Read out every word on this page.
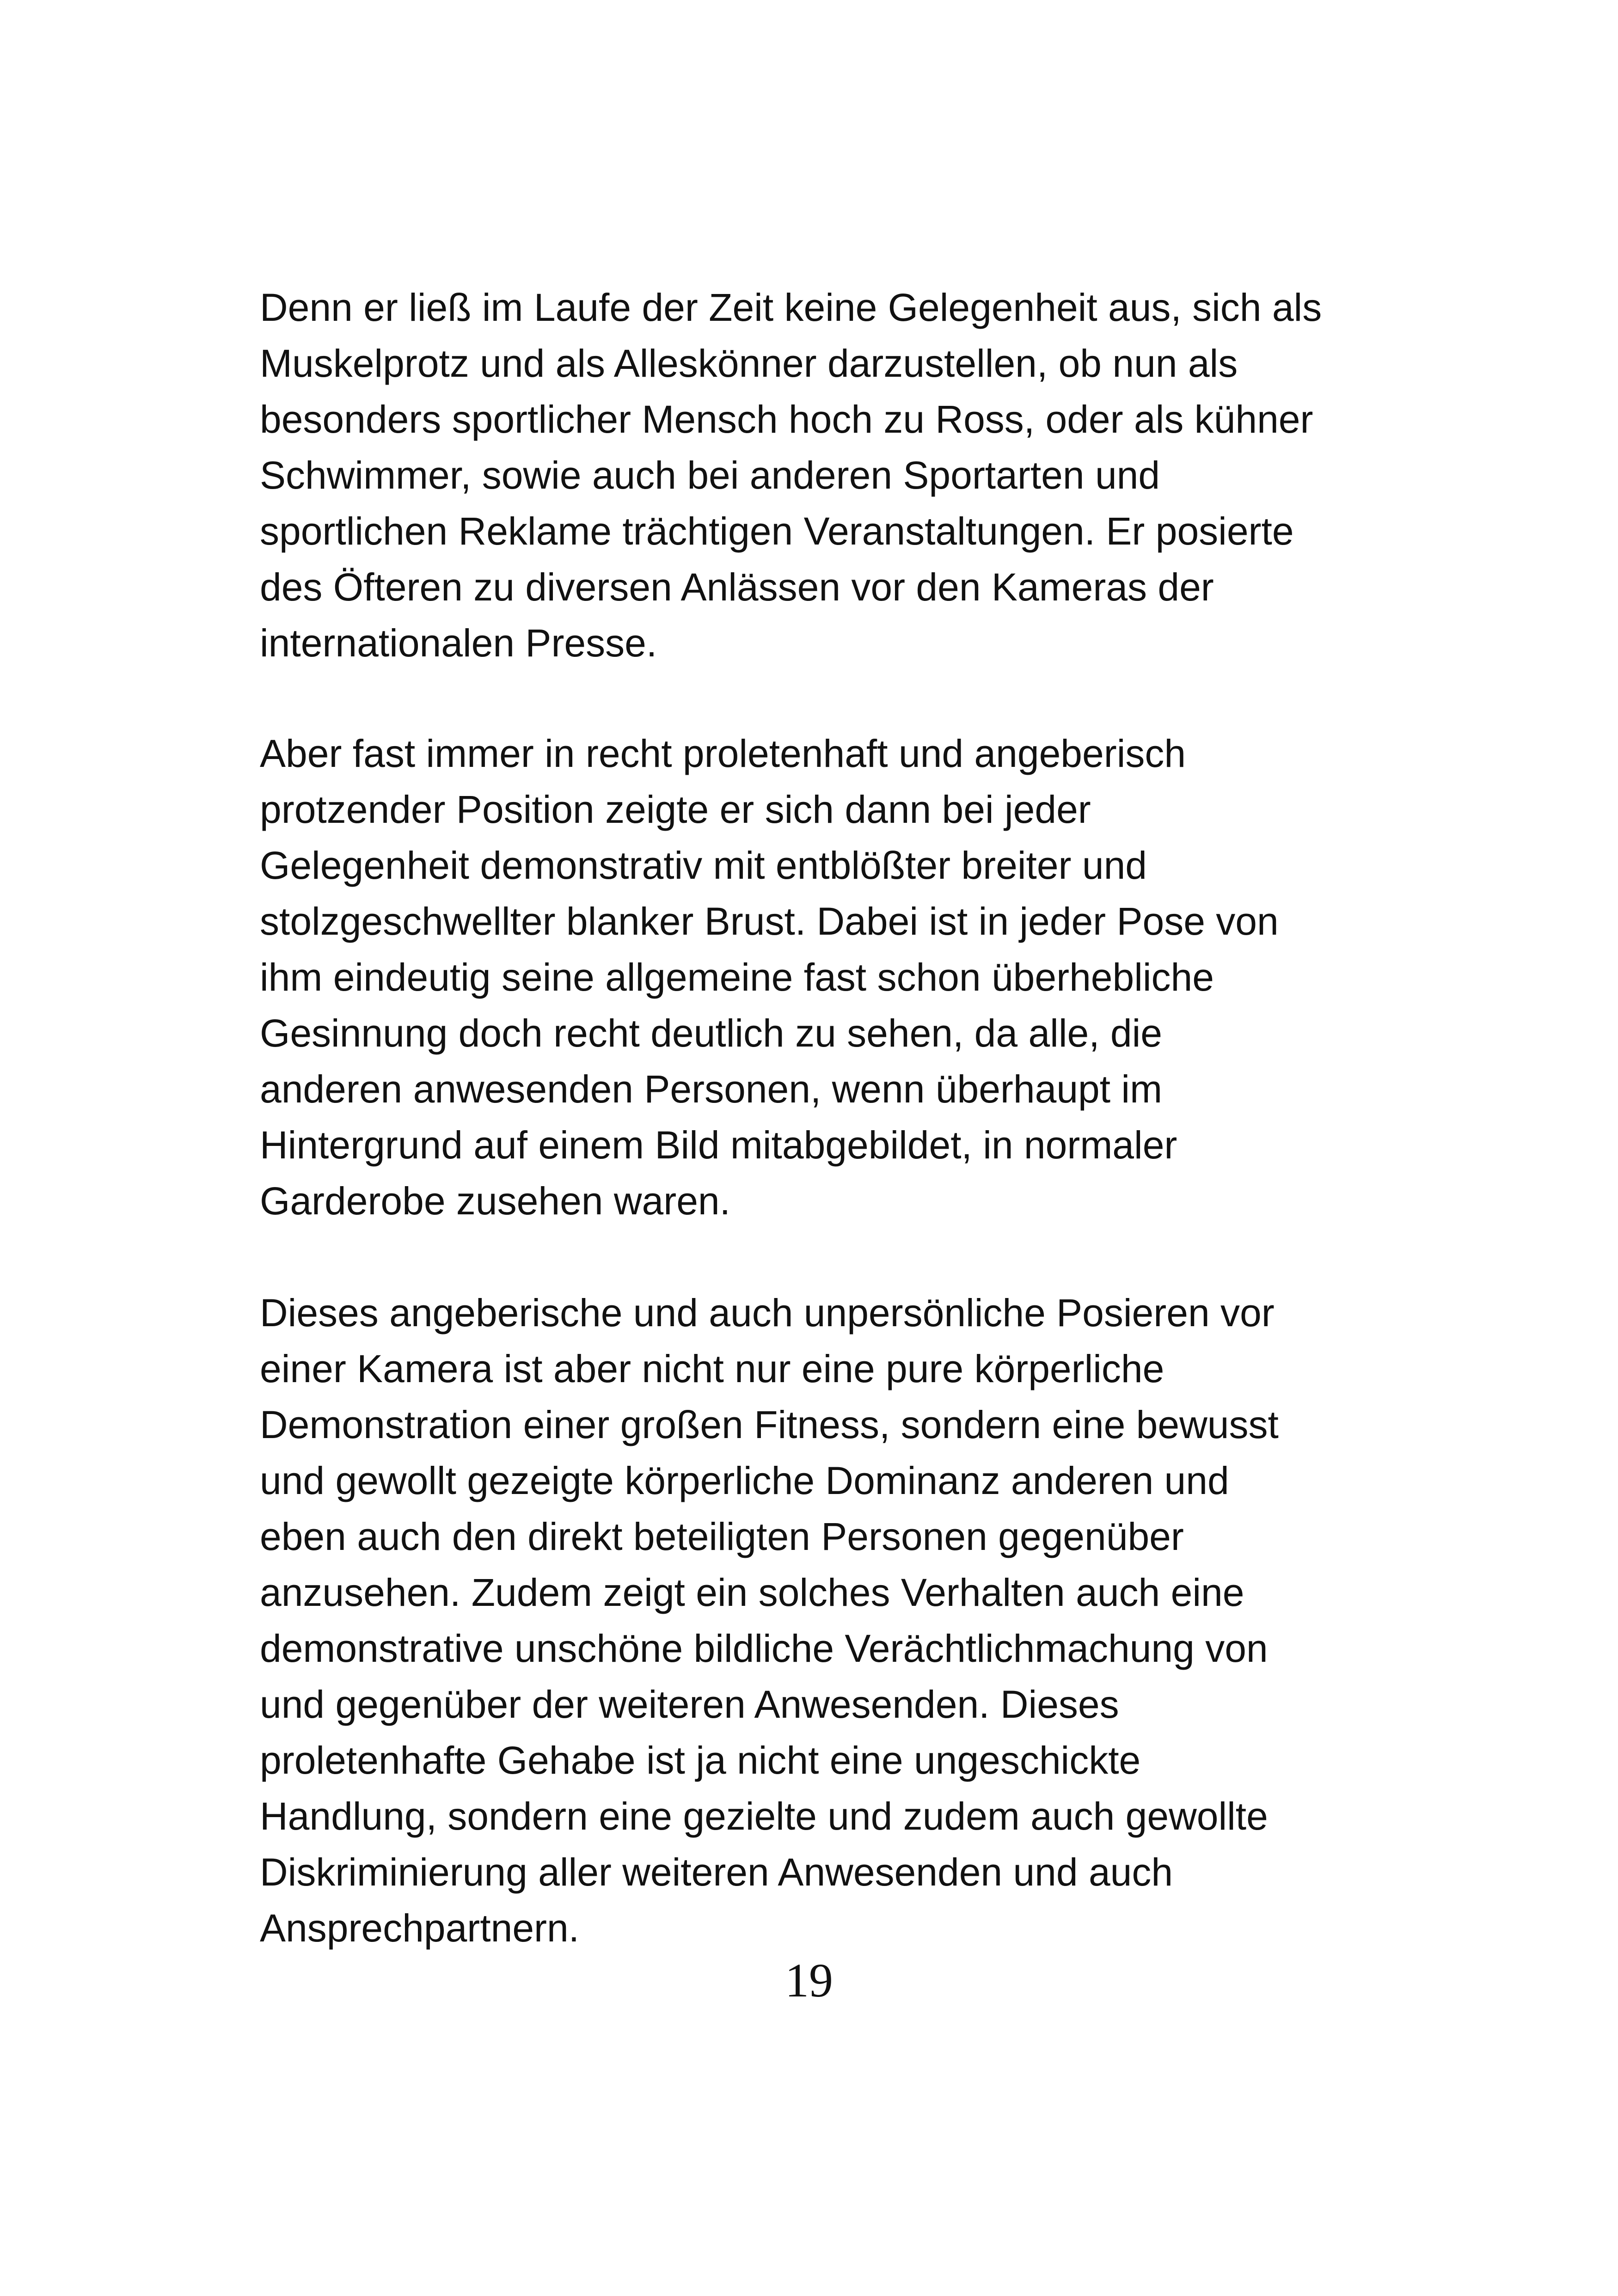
Denn er ließ im Laufe der Zeit keine Gelegenheit aus, sich als
Muskelprotz und als Alleskönner darzustellen, ob nun als
besonders sportlicher Mensch hoch zu Ross, oder als kühner
Schwimmer, sowie auch bei anderen Sportarten und
sportlichen Reklame trächtigen Veranstaltungen. Er posierte
des Öfteren zu diversen Anlässen vor den Kameras der
internationalen Presse.

Aber fast immer in recht proletenhaft und angeberisch
protzender Position zeigte er sich dann bei jeder
Gelegenheit demonstrativ mit entblößter breiter und
stolzgeschwellter blanker Brust. Dabei ist in jeder Pose von
ihm eindeutig seine allgemeine fast schon überhebliche
Gesinnung doch recht deutlich zu sehen, da alle, die
anderen anwesenden Personen, wenn überhaupt im
Hintergrund auf einem Bild mitabgebildet, in normaler
Garderobe zusehen waren.

Dieses angeberische und auch unpersönliche Posieren vor
einer Kamera ist aber nicht nur eine pure körperliche
Demonstration einer großen Fitness, sondern eine bewusst
und gewollt gezeigte körperliche Dominanz anderen und
eben auch den direkt beteiligten Personen gegenüber
anzusehen. Zudem zeigt ein solches Verhalten auch eine
demonstrative unschöne bildliche Verächtlichmachung von
und gegenüber der weiteren Anwesenden. Dieses
proletenhafte Gehabe ist ja nicht eine ungeschickte
Handlung, sondern eine gezielte und zudem auch gewollte
Diskriminierung aller weiteren Anwesenden und auch
Ansprechpartnern.

19
